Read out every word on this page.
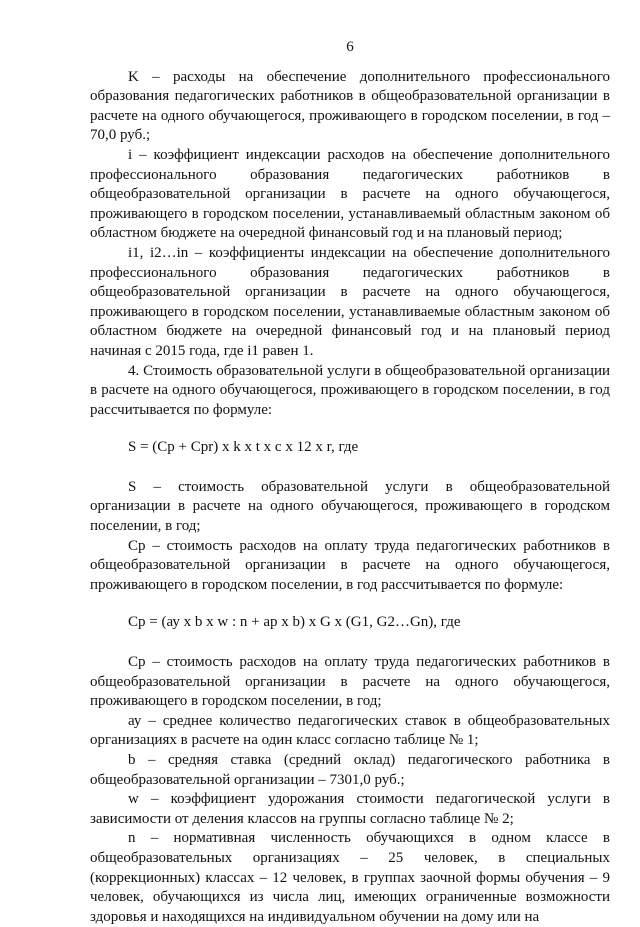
6

K – расходы на обеспечение дополнительного профессионального образования педагогических работников в общеобразовательной организации в расчете на одного обучающегося, проживающего в городском поселении, в год – 70,0 руб.;

i – коэффициент индексации расходов на обеспечение дополнительного профессионального образования педагогических работников в общеобразовательной организации в расчете на одного обучающегося, проживающего в городском поселении, устанавливаемый областным законом об областном бюджете на очередной финансовый год и на плановый период;

i1, i2…in – коэффициенты индексации на обеспечение дополнительного профессионального образования педагогических работников в общеобразовательной организации в расчете на одного обучающегося, проживающего в городском поселении, устанавливаемые областным законом об областном бюджете на очередной финансовый год и на плановый период начиная с 2015 года, где i1 равен 1.

4. Стоимость образовательной услуги в общеобразовательной организации в расчете на одного обучающегося, проживающего в городском поселении, в год рассчитывается по формуле:

S = (Cp + Cpr) x k x t x c x 12 x r, где

S – стоимость образовательной услуги в общеобразовательной организации в расчете на одного обучающегося, проживающего в городском поселении, в год;

Ср – стоимость расходов на оплату труда педагогических работников в общеобразовательной организации в расчете на одного обучающегося, проживающего в городском поселении, в год рассчитывается по формуле:

Ср = (ау x b x w : n + ap x b) x G x (G1, G2…Gn), где

Ср – стоимость расходов на оплату труда педагогических работников в общеобразовательной организации в расчете на одного обучающегося, проживающего в городском поселении, в год;

ау – среднее количество педагогических ставок в общеобразовательных организациях в расчете на один класс согласно таблице № 1;

b – средняя ставка (средний оклад) педагогического работника в общеобразовательной организации – 7301,0 руб.;

w – коэффициент удорожания стоимости педагогической услуги в зависимости от деления классов на группы согласно таблице № 2;

n – нормативная численность обучающихся в одном классе в общеобразовательных организациях – 25 человек, в специальных (коррекционных) классах – 12 человек, в группах заочной формы обучения – 9 человек, обучающихся из числа лиц, имеющих ограниченные возможности здоровья и находящихся на индивидуальном обучении на дому или на
